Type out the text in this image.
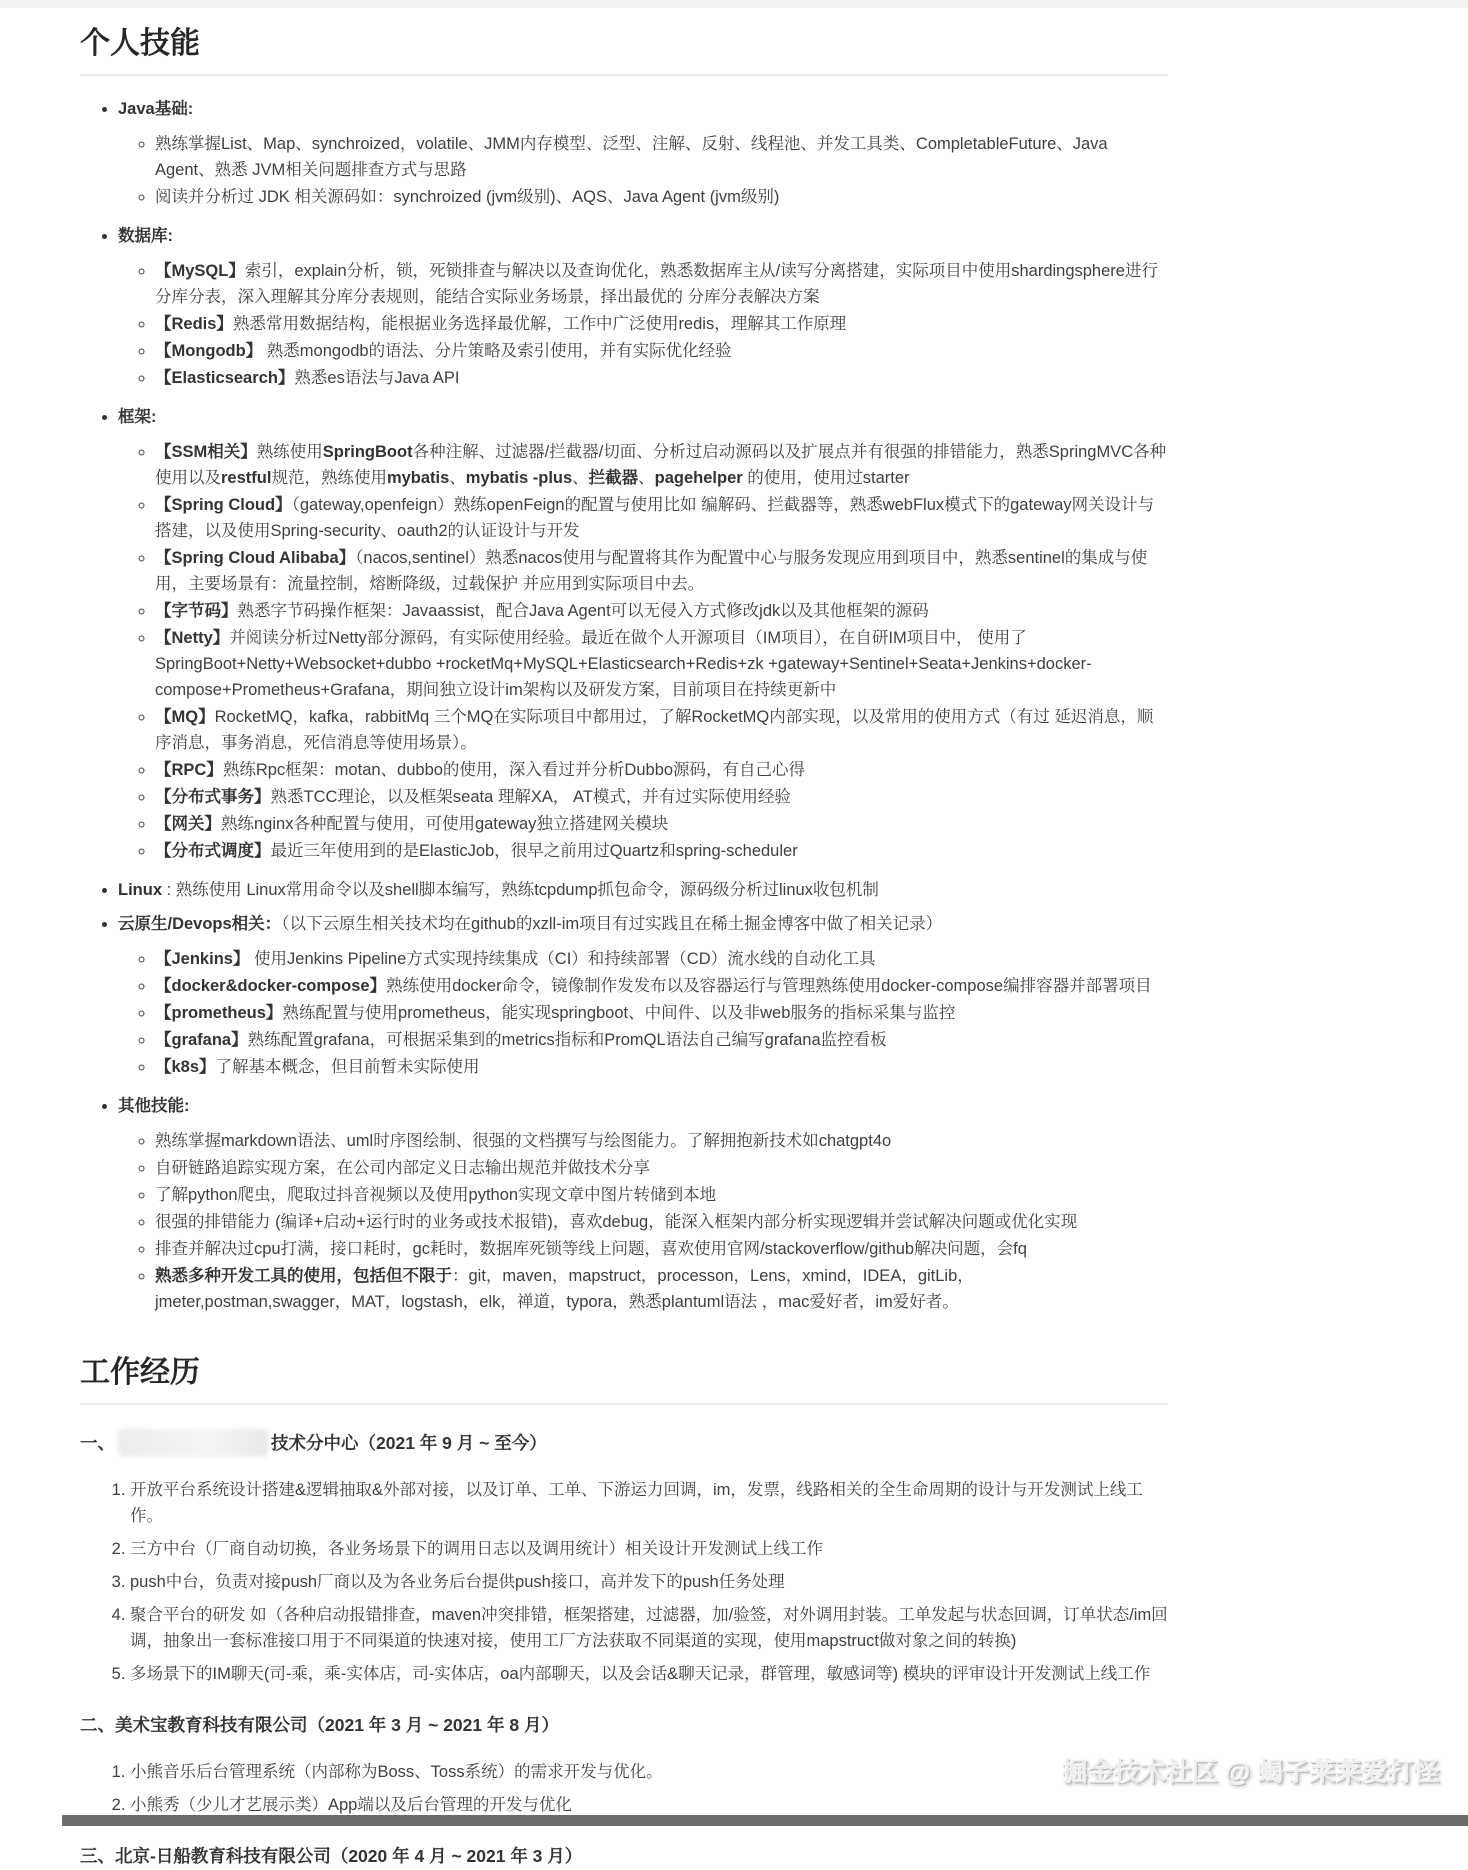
个人技能
• Java基础:
◦ 熟练掌握List、Map、synchroized，volatile、JMM内存模型、泛型、注解、反射、线程池、并发工具类、CompletableFuture、Java Agent、熟悉 JVM相关问题排查方式与思路
◦ 阅读并分析过 JDK 相关源码如：synchroized (jvm级别)、AQS、Java Agent (jvm级别)
• 数据库:
◦ 【MySQL】索引，explain分析，锁，死锁排查与解决以及查询优化，熟悉数据库主从/读写分离搭建，实际项目中使用shardingsphere进行分库分表，深入理解其分库分表规则，能结合实际业务场景，择出最优的 分库分表解决方案
◦ 【Redis】熟悉常用数据结构，能根据业务选择最优解，工作中广泛使用redis，理解其工作原理
◦ 【Mongodb】 熟悉mongodb的语法、分片策略及索引使用，并有实际优化经验
◦ 【Elasticsearch】熟悉es语法与Java API
• 框架:
◦ 【SSM相关】熟练使用SpringBoot各种注解、过滤器/拦截器/切面、分析过启动源码以及扩展点并有很强的排错能力，熟悉SpringMVC各种使用以及restful规范，熟练使用mybatis、mybatis -plus、拦截器、pagehelper 的使用，使用过starter
◦ 【Spring Cloud】（gateway,openfeign）熟练openFeign的配置与使用比如 编解码、拦截器等，熟悉webFlux模式下的gateway网关设计与搭建，以及使用Spring-security、oauth2的认证设计与开发
◦ 【Spring Cloud Alibaba】（nacos,sentinel）熟悉nacos使用与配置将其作为配置中心与服务发现应用到项目中，熟悉sentinel的集成与使用，主要场景有：流量控制，熔断降级，过载保护 并应用到实际项目中去。
◦ 【字节码】熟悉字节码操作框架：Javaassist，配合Java Agent可以无侵入方式修改jdk以及其他框架的源码
◦ 【Netty】并阅读分析过Netty部分源码，有实际使用经验。最近在做个人开源项目（IM项目），在自研IM项目中， 使用了SpringBoot+Netty+Websocket+dubbo +rocketMq+MySQL+Elasticsearch+Redis+zk +gateway+Sentinel+Seata+Jenkins+docker-compose+Prometheus+Grafana，期间独立设计im架构以及研发方案，目前项目在持续更新中
◦ 【MQ】RocketMQ，kafka，rabbitMq 三个MQ在实际项目中都用过，了解RocketMQ内部实现，以及常用的使用方式（有过 延迟消息，顺序消息，事务消息，死信消息等使用场景）。
◦ 【RPC】熟练Rpc框架：motan、dubbo的使用，深入看过并分析Dubbo源码，有自己心得
◦ 【分布式事务】熟悉TCC理论，以及框架seata 理解XA， AT模式，并有过实际使用经验
◦ 【网关】熟练nginx各种配置与使用，可使用gateway独立搭建网关模块
◦ 【分布式调度】最近三年使用到的是ElasticJob，很早之前用过Quartz和spring-scheduler
• Linux : 熟练使用 Linux常用命令以及shell脚本编写，熟练tcpdump抓包命令，源码级分析过linux收包机制
• 云原生/Devops相关：（以下云原生相关技术均在github的xzll-im项目有过实践且在稀土掘金博客中做了相关记录）
◦ 【Jenkins】 使用Jenkins Pipeline方式实现持续集成（CI）和持续部署（CD）流水线的自动化工具
◦ 【docker&docker-compose】熟练使用docker命令，镜像制作发发布以及容器运行与管理熟练使用docker-compose编排容器并部署项目
◦ 【prometheus】熟练配置与使用prometheus，能实现springboot、中间件、以及非web服务的指标采集与监控
◦ 【grafana】熟练配置grafana，可根据采集到的metrics指标和PromQL语法自己编写grafana监控看板
◦ 【k8s】了解基本概念，但目前暂未实际使用
• 其他技能:
◦ 熟练掌握markdown语法、uml时序图绘制、很强的文档撰写与绘图能力。了解拥抱新技术如chatgpt4o
◦ 自研链路追踪实现方案，在公司内部定义日志输出规范并做技术分享
◦ 了解python爬虫，爬取过抖音视频以及使用python实现文章中图片转储到本地
◦ 很强的排错能力 (编译+启动+运行时的业务或技术报错)，喜欢debug，能深入框架内部分析实现逻辑并尝试解决问题或优化实现
◦ 排查并解决过cpu打满，接口耗时，gc耗时，数据库死锁等线上问题，喜欢使用官网/stackoverflow/github解决问题，会fq
◦ 熟悉多种开发工具的使用，包括但不限于：git，maven，mapstruct，processon，Lens，xmind，IDEA，gitLib，jmeter,postman,swagger，MAT，logstash，elk，禅道，typora，熟悉plantuml语法 ，mac爱好者，im爱好者。
工作经历
一、	技术分中心（2021 年 9 月 ~ 至今）
1. 开放平台系统设计搭建&逻辑抽取&外部对接，以及订单、工单、下游运力回调，im，发票，线路相关的全生命周期的设计与开发测试上线工作。
2. 三方中台（厂商自动切换，各业务场景下的调用日志以及调用统计）相关设计开发测试上线工作
3. push中台，负责对接push厂商以及为各业务后台提供push接口，高并发下的push任务处理
4. 聚合平台的研发 如（各种启动报错排查，maven冲突排错，框架搭建，过滤器，加/验签，对外调用封装。工单发起与状态回调，订单状态/im回调，抽象出一套标准接口用于不同渠道的快速对接，使用工厂方法获取不同渠道的实现，使用mapstruct做对象之间的转换)
5. 多场景下的IM聊天(司-乘，乘-实体店，司-实体店，oa内部聊天，以及会话&聊天记录，群管理，敏感词等) 模块的评审设计开发测试上线工作
二、美术宝教育科技有限公司（2021 年 3 月 ~ 2021 年 8 月）
1. 小熊音乐后台管理系统（内部称为Boss、Toss系统）的需求开发与优化。
2. 小熊秀（少儿才艺展示类）App端以及后台管理的开发与优化
三、北京-日船教育科技有限公司（2020 年 4 月 ~ 2021 年 3 月）
掘金技术社区 @ 蝎子莱莱爱打怪
